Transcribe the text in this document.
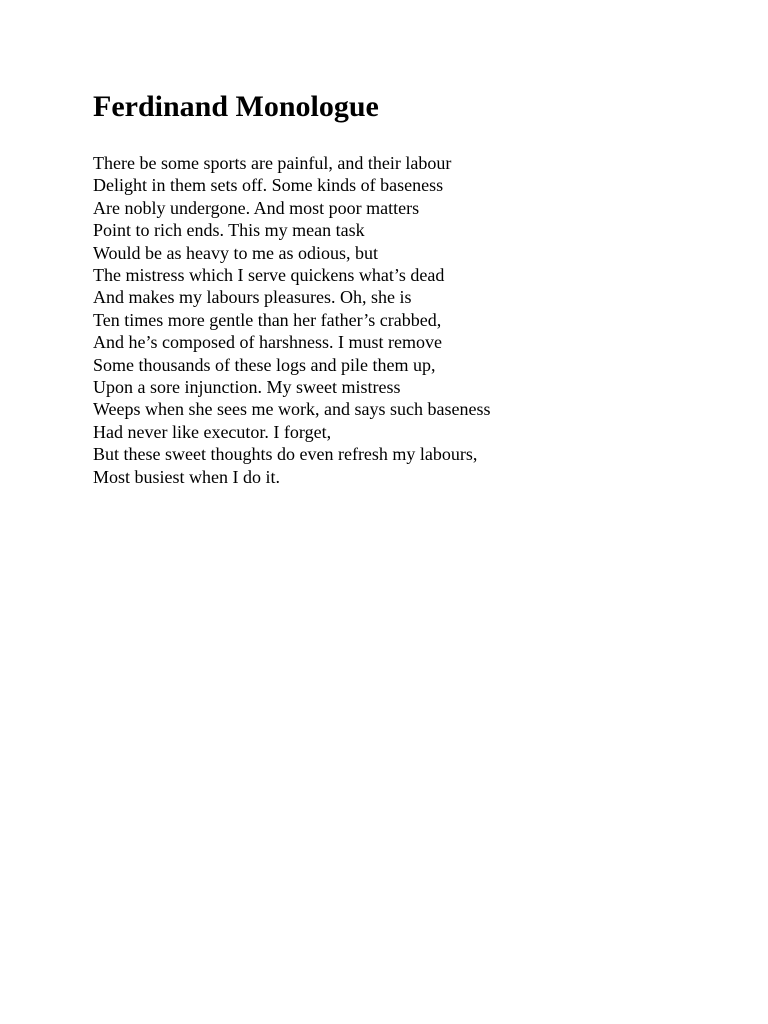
Ferdinand Monologue
There be some sports are painful, and their labour
Delight in them sets off. Some kinds of baseness
Are nobly undergone. And most poor matters
Point to rich ends. This my mean task
Would be as heavy to me as odious, but
The mistress which I serve quickens what’s dead
And makes my labours pleasures. Oh, she is
Ten times more gentle than her father’s crabbed,
And he’s composed of harshness. I must remove
Some thousands of these logs and pile them up,
Upon a sore injunction. My sweet mistress
Weeps when she sees me work, and says such baseness
Had never like executor. I forget,
But these sweet thoughts do even refresh my labours,
Most busiest when I do it.
